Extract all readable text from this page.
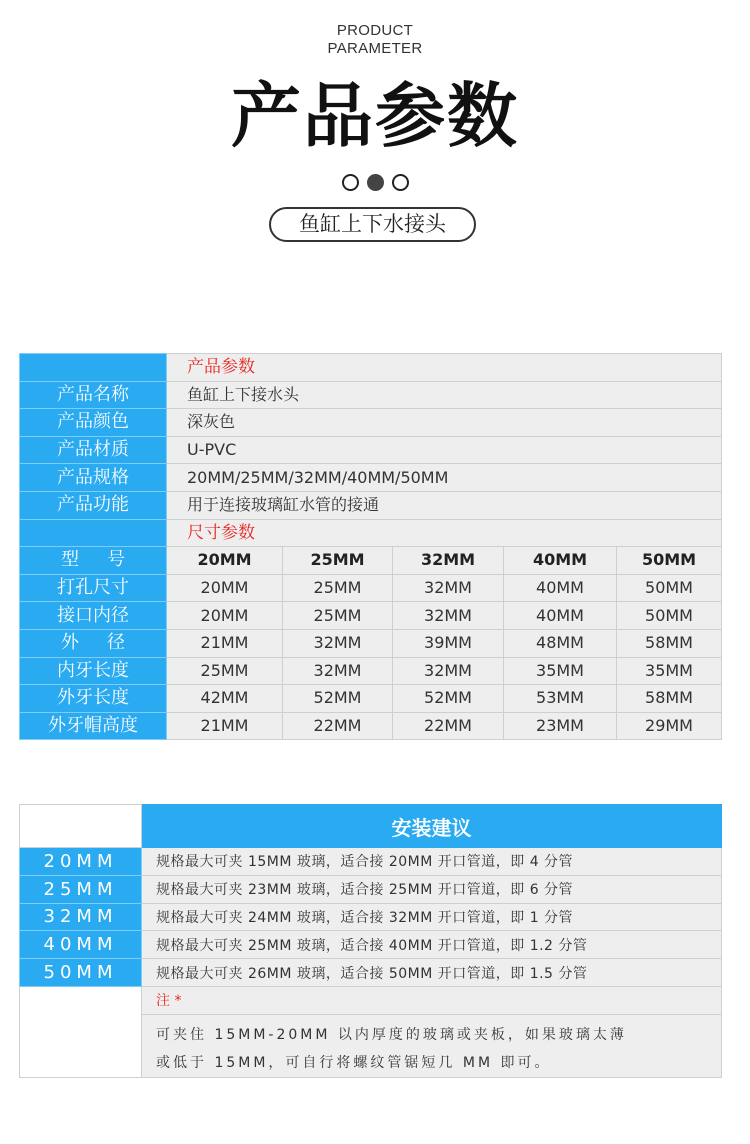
PRODUCT
PARAMETER
产品参数
鱼缸上下水接头
	产品参数				
产品名称	鱼缸上下接水头				
产品颜色	深灰色				
产品材质	U-PVC				
产品规格	20MM/25MM/32MM/40MM/50MM				
产品功能	用于连接玻璃缸水管的接通				
	尺寸参数				
型号	20MM	25MM	32MM	40MM	50MM
打孔尺寸	20MM	25MM	32MM	40MM	50MM
接口内径	20MM	25MM	32MM	40MM	50MM
外径	21MM	32MM	39MM	48MM	58MM
内牙长度	25MM	32MM	32MM	35MM	35MM
外牙长度	42MM	52MM	52MM	53MM	58MM
外牙帽高度	21MM	22MM	22MM	23MM	29MM
	安装建议
20MM	规格最大可夹 15MM 玻璃，适合接 20MM 开口管道，即 4 分管
25MM	规格最大可夹 23MM 玻璃，适合接 25MM 开口管道，即 6 分管
32MM	规格最大可夹 24MM 玻璃，适合接 32MM 开口管道，即 1 分管
40MM	规格最大可夹 25MM 玻璃，适合接 40MM 开口管道，即 1.2 分管
50MM	规格最大可夹 26MM 玻璃，适合接 50MM 开口管道，即 1.5 分管
	注 *

	可夹住 15MM-20MM 以内厚度的玻璃或夹板，如果玻璃太薄
或低于 15MM，可自行将螺纹管锯短几 MM 即可。
